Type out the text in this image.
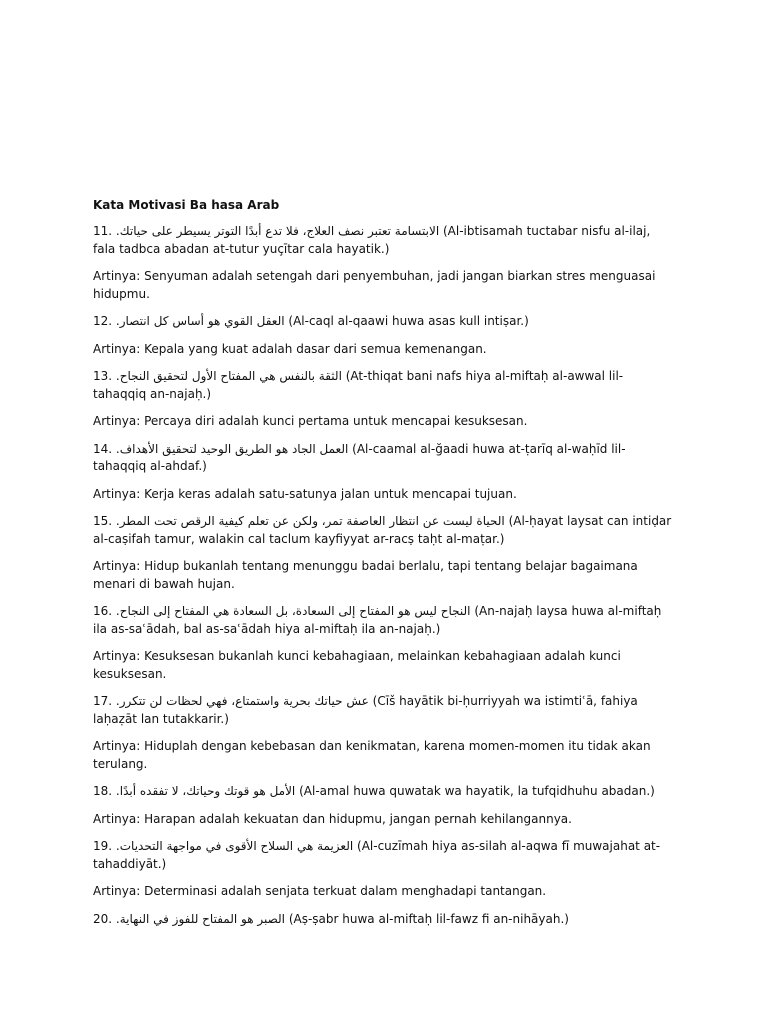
Kata Motivasi Ba hasa Arab
11. الابتسامة تعتبر نصف العلاج، فلا تدع أبدًا التوتر يسيطر على حياتك. (Al-ibtisamah tuctabar nisfu al-ilaj, fala tadbca abadan at-tutur yuçītar cala hayatik.)
Artinya: Senyuman adalah setengah dari penyembuhan, jadi jangan biarkan stres menguasai hidupmu.
12. العقل القوي هو أساس كل انتصار. (Al-caql al-qaawi huwa asas kull intiṣar.)
Artinya: Kepala yang kuat adalah dasar dari semua kemenangan.
13. الثقة بالنفس هي المفتاح الأول لتحقيق النجاح. (At-thiqat bani nafs hiya al-miftaḥ al-awwal lil-tahaqqiq an-najaḥ.)
Artinya: Percaya diri adalah kunci pertama untuk mencapai kesuksesan.
14. العمل الجاد هو الطريق الوحيد لتحقيق الأهداف. (Al-caamal al-ğaadi huwa at-ṭarīq al-waḥīd lil-tahaqqiq al-ahdaf.)
Artinya: Kerja keras adalah satu-satunya jalan untuk mencapai tujuan.
15. الحياة ليست عن انتظار العاصفة تمر، ولكن عن تعلم كيفية الرقص تحت المطر. (Al-ḥayat laysat can intiḍar al-caṣifah tamur, walakin cal taclum kayfiyyat ar-racṣ taḥt al-maṭar.)
Artinya: Hidup bukanlah tentang menunggu badai berlalu, tapi tentang belajar bagaimana menari di bawah hujan.
16. النجاح ليس هو المفتاح إلى السعادة، بل السعادة هي المفتاح إلى النجاح. (An-najaḥ laysa huwa al-miftaḥ ila as-saʿādah, bal as-saʿādah hiya al-miftaḥ ila an-najaḥ.)
Artinya: Kesuksesan bukanlah kunci kebahagiaan, melainkan kebahagiaan adalah kunci kesuksesan.
17. عش حياتك بحرية واستمتاع، فهي لحظات لن تتكرر. (Cīš hayātik bi-ḥurriyyah wa istimtiʿā, fahiya laḥaẓāt lan tutakkarir.)
Artinya: Hiduplah dengan kebebasan dan kenikmatan, karena momen-momen itu tidak akan terulang.
18. الأمل هو قوتك وحياتك، لا تفقده أبدًا. (Al-amal huwa quwatak wa hayatik, la tufqidhuhu abadan.)
Artinya: Harapan adalah kekuatan dan hidupmu, jangan pernah kehilangannya.
19. العزيمة هي السلاح الأقوى في مواجهة التحديات. (Al-cuzīmah hiya as-silah al-aqwa fī muwajahat at-tahaddiyāt.)
Artinya: Determinasi adalah senjata terkuat dalam menghadapi tantangan.
20. الصبر هو المفتاح للفوز في النهاية. (Aṣ-ṣabr huwa al-miftaḥ lil-fawz fi an-nihāyah.)
